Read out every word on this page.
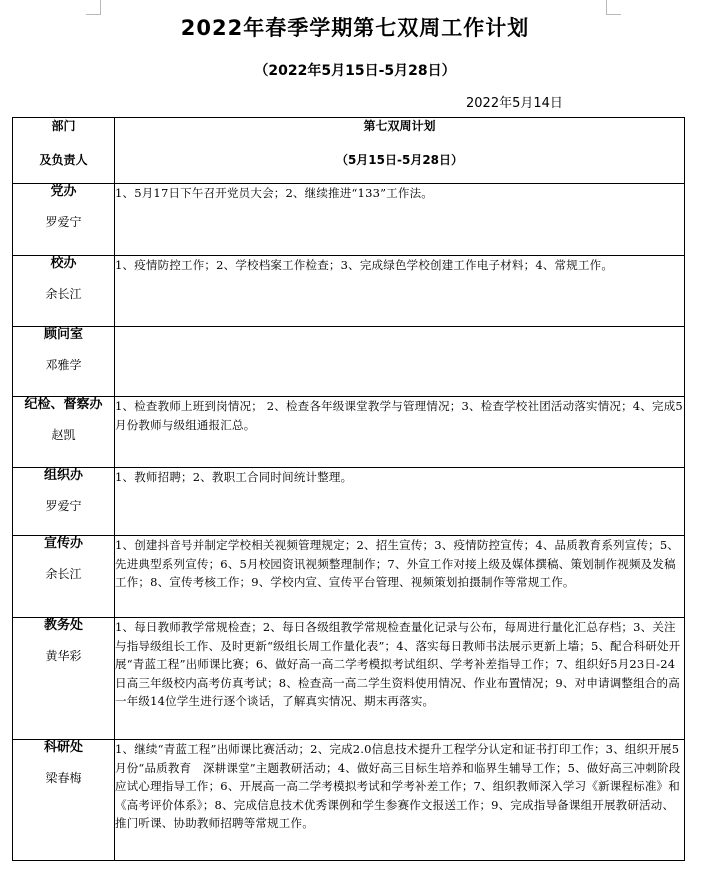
2022年春季学期第七双周工作计划
（2022年5月15日-5月28日）
2022年5月14日
部门
及负责人	第七双周计划
（5月15日-5月28日）

党办
罗爱宁	1、5月17日下午召开党员大会；2、继续推进“133”工作法。

校办
余长江	1、疫情防控工作；2、学校档案工作检查；3、完成绿色学校创建工作电子材料；4、常规工作。

顾问室
邓雅学	

纪检、督察办
赵凯	1、检查教师上班到岗情况； 2、检查各年级课堂教学与管理情况；3、检查学校社团活动落实情况；4、完成5月份教师与级组通报汇总。

组织办
罗爱宁	1、教师招聘；2、教职工合同时间统计整理。

宣传办
余长江	1、创建抖音号并制定学校相关视频管理规定；2、招生宣传；3、疫情防控宣传；4、品质教育系列宣传；5、先进典型系列宣传；6、5月校园资讯视频整理制作；7、外宣工作对接上级及媒体撰稿、策划制作视频及发稿工作；8、宣传考核工作；9、学校内宣、宣传平台管理、视频策划拍摄制作等常规工作。

教务处
黄华彩	1、每日教师教学常规检查；2、每日各级组教学常规检查量化记录与公布，每周进行量化汇总存档；3、关注与指导级组长工作、及时更新“级组长周工作量化表”；4、落实每日教师书法展示更新上墙；5、配合科研处开展“青蓝工程”出师课比赛；6、做好高一高二学考模拟考试组织、学考补差指导工作；7、组织好5月23日-24日高三年级校内高考仿真考试；8、检查高一高二学生资料使用情况、作业布置情况；9、对申请调整组合的高一年级14位学生进行逐个谈话，了解真实情况、期末再落实。

科研处
梁春梅	1、继续“青蓝工程”出师课比赛活动；2、完成2.0信息技术提升工程学分认定和证书打印工作；3、组织开展5月份“品质教育　深耕课堂”主题教研活动；4、做好高三目标生培养和临界生辅导工作；5、做好高三冲刺阶段应试心理指导工作；6、开展高一高二学考模拟考试和学考补差工作；7、组织教师深入学习《新课程标准》和《高考评价体系》；8、完成信息技术优秀课例和学生参赛作文报送工作；9、完成指导备课组开展教研活动、推门听课、协助教师招聘等常规工作。
